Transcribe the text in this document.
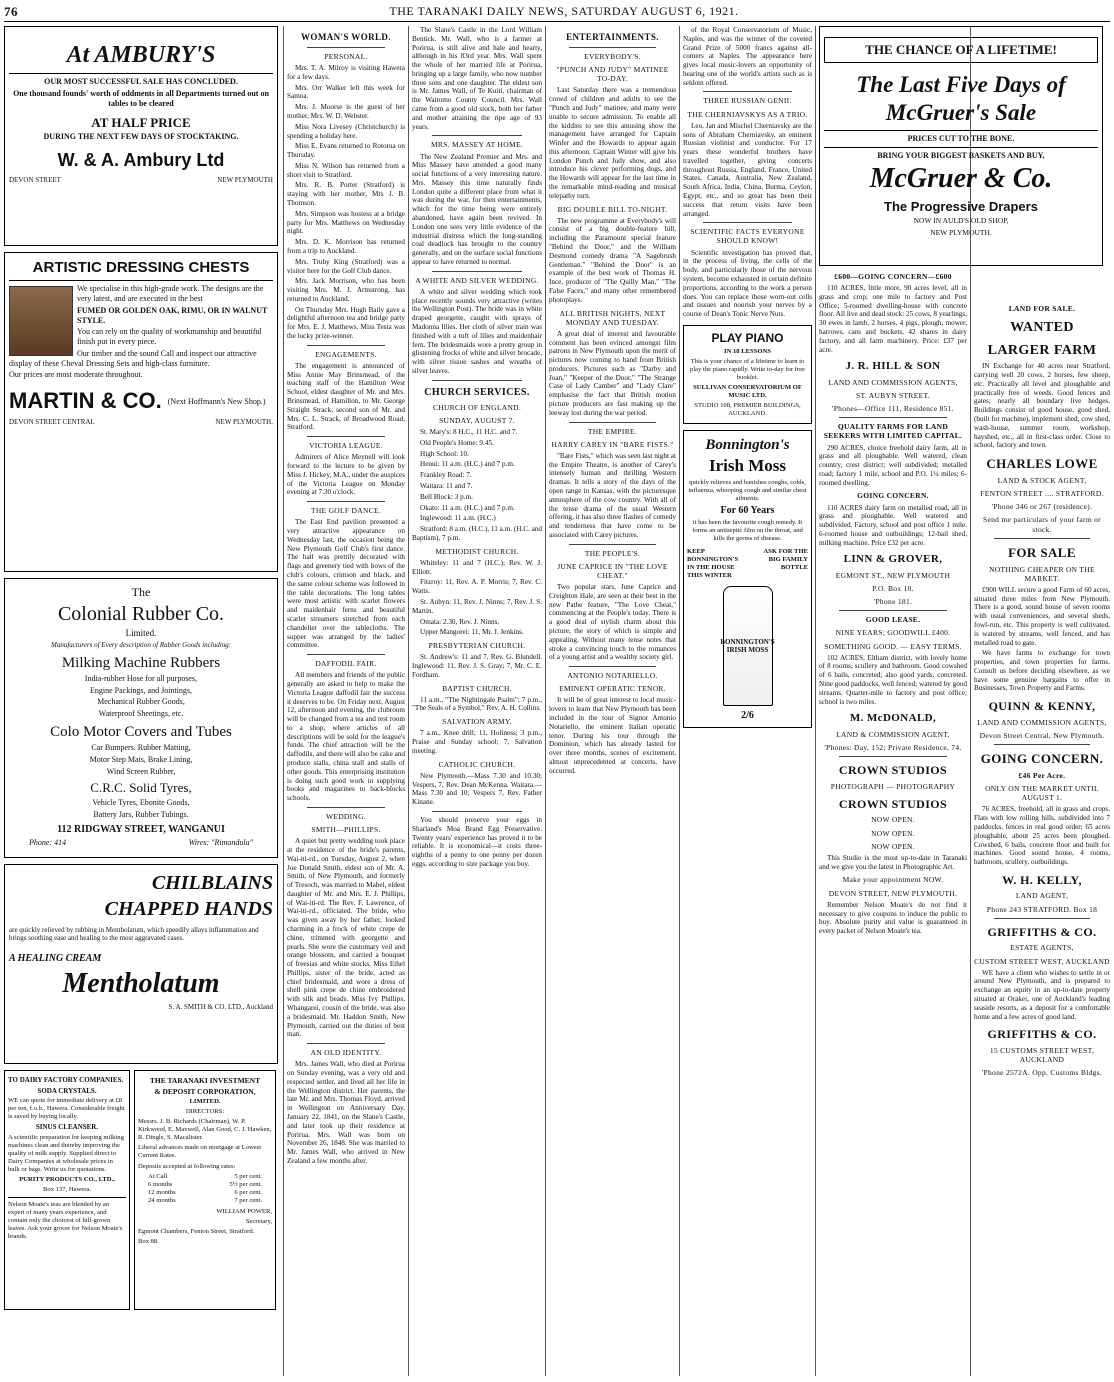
76	THE TARANAKI DAILY NEWS, SATURDAY AUGUST 6, 1921.

At AMBURY'S

OUR MOST SUCCESSFUL SALE HAS CONCLUDED.

One thousand founds' worth of oddments in all Departments turned out on tables to be cleared

AT HALF PRICE

DURING THE NEXT FEW DAYS OF STOCKTAKING.

W. & A. Ambury Ltd

DEVON STREET	NEW PLYMOUTH

ARTISTIC DRESSING CHESTS

We specialise in this high-grade work. The designs are the very latest, and are executed in the best

FUMED OR GOLDEN OAK, RIMU, OR IN WALNUT STYLE.

You can rely on the quality of workmanship and beautiful finish put in every piece.

Our timber and the sound Call and inspect our attractive display of these Cheval Dressing Sets and high-class furniture.

Our prices are most moderate throughout.

MARTIN & CO. (Next Hoffmann's New Shop.)
DEVON STREET CENTRAL	NEW PLYMOUTH.

The

Colonial Rubber Co.

Limited.

Manufacturers of Every description of Rubber Goods including:

Milking Machine Rubbers

India-rubber Hose for all purposes,

Engine Packings, and Jointings,

Mechanical Rubber Goods,

Waterproof Sheetings, etc.

Colo Motor Covers and Tubes

Car Bumpers. Rubber Matting,

Motor Step Mats, Brake Lining,

Wind Screen Rubber,

C.R.C. Solid Tyres,

Vehicle Tyres, Ebonite Goods,

Battery Jars, Rubber Tubings.

112 RIDGWAY STREET, WANGANUI

Phone: 414	Wires: "Rimondula"

CHILBLAINS

CHAPPED HANDS

are quickly relieved by rubbing in Mentholatum, which speedily allays inflammation and brings soothing ease and healing to the most aggravated cases.

A HEALING CREAM

Mentholatum

S. A. SMITH & CO. LTD., Auckland

TO DAIRY FACTORY COMPANIES.

SODA CRYSTALS.

WE can quote for immediate delivery at £8 per ton, f.o.b., Hawera. Considerable freight is saved by buying locally.

SINUS CLEANSER.

A scientific preparation for keeping milking machines clean and thereby improving the quality of milk supply. Supplied direct to Dairy Companies at wholesale prices in bulk or bags. Write us for quotations.

PURITY PRODUCTS CO., LTD.,

Box 137, Hawera.

Nelson Moate's teas are blended by an expert of many years experience, and contain only the choicest of hill-grown leaves. Ask your grocer for Nelson Moate's brands.

THE TARANAKI INVESTMENT

& DEPOSIT CORPORATION,

LIMITED.

DIRECTORS:

Messrs. J. B. Richards (Chairman), W. P. Kirkwood, E. Maxwell, Alan Good, C. J. Hawken, R. Dingle, S. Macalister.

Liberal advances made on mortgage at Lowest Current Rates.

Deposits accepted at following rates:

At Call	5 per cent.
6 months	5½ per cent.
12 months	6 per cent.
24 months	7 per cent.

WILLIAM POWER,

Secretary,

Egmont Chambers, Fenton Street, Stratford.

Box 88.

WOMAN'S WORLD.

PERSONAL.

Mrs. T. A. Milroy is visiting Hawera for a few days.

Mrs. Orr Walker left this week for Samoa.

Mrs. J. Moorse is the guest of her mother, Mrs. W. D. Webster.

Miss Nora Livesey (Christchurch) is spending a holiday here.

Miss E. Evans returned to Rotorua on Thursday.

Miss N. Wilson has returned from a short visit to Stratford.

Mrs. R. B. Porter (Stratford) is staying with her mother, Mrs J. B. Thomson.

Mrs. Simpson was hostess at a bridge party for Mrs. Matthews on Wednesday night.

Mrs. D. K. Morrison has returned from a trip to Auckland.

Mrs. Truby King (Stratford) was a visitor here for the Golf Club dance.

Mrs. Jack Morrison, who has been visiting Mrs. M. J. Armstrong, has returned to Auckland.

On Thursday Mrs. Hugh Baily gave a delightful afternoon tea and bridge party for Mrs. E. J. Matthews. Miss Testa was the lucky prize-winner.

ENGAGEMENTS.

The engagement is announced of Miss Annie May Brinsmead, of the teaching staff of the Hamilton West School, eldest daughter of Mr. and Mrs. Brinsmead, of Hamilton, to Mr. George Straight Strack, second son of Mr. and Mrs. C. L. Strack, of Broadwood Road, Stratford.

VICTORIA LEAGUE.

Admirers of Alice Meynell will look forward to the lecture to be given by Miss J. Hickey, M.A., under the auspices of the Victoria League on Monday evening at 7.30 o'clock.

THE GOLF DANCE.

The East End pavilion presented a very attractive appearance on Wednesday last, the occasion being the New Plymouth Golf Club's first dance. The hall was prettily decorated with flags and greenery tied with bows of the club's colours, crimson and black, and the same colour scheme was followed in the table decorations. The long tables were most artistic with scarlet flowers and maidenhair ferns and beautiful scarlet streamers stretched from each chandelier over the tablecloths. The supper was arranged by the ladies' committee.

DAFFODIL FAIR.

All members and friends of the public generally are asked to help to make the Victoria League daffodil fair the success it deserves to be. On Friday next, August 12, afternoon and evening, the clubroom will be changed from a tea and rest room to a shop, where articles of all descriptions will be sold for the league's funds. The chief attraction will be the daffodils, and there will also be cake and produce stalls, china stall and stalls of other goods. This enterprising institution is doing such good work in supplying books and magazines to back-blocks schools.

WEDDING.

SMITH—PHILLIPS.

A quiet but pretty wedding took place at the residence of the bride's parents, Wai-iti-rd., on Tuesday, August 2, when Joe Donald Smith, eldest son of Mr. A. Smith, of New Plymouth, and formerly of Tresoch, was married to Mabel, eldest daughter of Mr. and Mrs. E. J. Phillips, of Wai-iti-rd. The Rev. F. Lawrence, of Wai-iti-rd., officiated. The bride, who was given away by her father, looked charming in a frock of white crepe de chine, trimmed with georgette and pearls. She wore the customary veil and orange blossom, and carried a bouquet of freesias and white stocks. Miss Ethel Phillips, sister of the bride, acted as chief bridesmaid, and wore a dress of shell pink crepe de chine embroidered with silk and beads. Miss Ivy Phillips, Whangarei, cousin of the bride, was also a bridesmaid. Mr. Haddon Smith, New Plymouth, carried out the duties of best man.

AN OLD IDENTITY.

Mrs. James Wall, who died at Porirua on Sunday evening, was a very old and respected settler, and lived all her life in the Wellington district. Her parents, the late Mr. and Mrs. Thomas Floyd, arrived in Wellington on Anniversary Day, January 22, 1841, on the Slane's Castle, and later took up their residence at Porirua. Mrs. Wall was born on November 26, 1848. She was married to Mr. James Wall, who arrived in New Zealand a few months after.

The Slane's Castle in the Lord William Bentick. Mr. Wall, who is a farmer at Porirua, is still alive and hale and hearty, although in his 83rd year. Mrs. Wall spent the whole of her married life at Porirua, bringing up a large family, who now number three sons and one daughter. The eldest son is Mr. James Wall, of Te Kuiti, chairman of the Waitomo County Council. Mrs. Wall came from a good old stock, both her father and mother attaining the ripe age of 93 years.

MRS. MASSEY AT HOME.

The New Zealand Premier and Mrs. and Miss Massey have attended a good many social functions of a very interesting nature. Mrs. Massey this time naturally finds London quite a different place from what it was during the war, for then entertainments, which for the time being were entirely abandoned, have again been revived. In London one sees very little evidence of the industrial distress which the long-standing coal deadlock has brought to the country generally, and on the surface social functions appear to have returned to normal.

A WHITE AND SILVER WEDDING.

A white and silver wedding which took place recently sounds very attractive (writes the Wellington Post). The bride was in white draped georgette, caught with sprays of Madonna lilies. Her cloth of silver train was finished with a tuft of lilies and maidenhair fern. The bridesmaids wore a pretty group in glistening frocks of white and silver brocade, with silver tissue sashes and wreaths of silver leaves.

CHURCH SERVICES.

CHURCH OF ENGLAND.

SUNDAY, AUGUST 7.

St. Mary's: 8 H.C., 11 H.C. and 7.

Old People's Home: 9.45.

High School: 10.

Henui: 11 a.m. (H.C.) and 7 p.m.

Frankley Road: 7.

Waitara: 11 and 7.

Bell Block: 3 p.m.

Okato: 11 a.m. (H.C.) and 7 p.m.

Inglewood: 11 a.m. (H.C.)

Stratford: 8 a.m. (H.C.), 11 a.m. (H.C. and Baptism), 7 p.m.

METHODIST CHURCH.

Whiteley: 11 and 7 (H.C.); Rev. W. J. Elliott.

Fitzroy: 11, Rev. A. P. Morris; 7, Rev. C. Watts.

St. Aubyn: 11, Rev. J. Ninns; 7, Rev. J. S. Martin.

Omata: 2.30, Rev. J. Ninns.

Upper Mangorei: 11, Mr. J. Jenkins.

PRESBYTERIAN CHURCH.

St. Andrew's: 11 and 7, Rev. G. Blundell. Inglewood: 11, Rev. J. S. Gray; 7, Mr. C. E. Fordham.

BAPTIST CHURCH.

11 a.m., "The Nightingale Psalm"; 7 p.m., "The Seals of a Symbol," Rev. A. H. Collins.

SALVATION ARMY.

7 a.m., Knee drill; 11, Holiness; 3 p.m., Praise and Sunday school; 7, Salvation meeting.

CATHOLIC CHURCH.

New Plymouth.—Mass 7.30 and 10.30; Vespers, 7, Rev. Dean McKenna. Waitara.—Mass 7.30 and 10; Vespers 7, Rev. Father Kinane.

You should preserve your eggs in Sharland's Moa Brand Egg Preservative. Twenty years' experience has proved it to be reliable. It is economical—it costs three-eighths of a penny to one penny per dozen eggs, according to size package you buy.

ENTERTAINMENTS.

EVERYBODY'S.

"PUNCH AND JUDY" MATINEE TO-DAY.

Last Saturday there was a tremendous crowd of children and adults to see the "Punch and Judy" matinee, and many were unable to secure admission. To enable all the kiddies to see this amusing show the management have arranged for Captain Winfer and the Howards to appear again this afternoon. Captain Winter will give his London Punch and Judy show, and also introduce his clever performing dogs, and the Howards will appear for the last time in the remarkable mind-reading and musical telepathy turn.

BIG DOUBLE BILL TO-NIGHT.

The new programme at Everybody's will consist of a big double-feature bill, including the Paramount special feature "Behind the Door," and the William Desmond comedy drama "A Sagebrush Gentleman." "Behind the Door" is an example of the best work of Thomas H. Ince, producer of "The Quilly Man," "The False Faces," and many other remembered photoplays.

ALL BRITISH NIGHTS, NEXT MONDAY AND TUESDAY.

A great deal of interest and favourable comment has been evinced amongst film patrons in New Plymouth upon the merit of pictures now coming to hand from British producers. Pictures such as "Darby and Joan," "Keeper of the Door," "The Strange Case of Lady Camber" and "Lady Clare" emphasise the fact that British motion picture producers are fast making up the leeway lost during the war period.

THE EMPIRE.

HARRY CAREY IN "BARE FISTS."

"Bare Fists," which was seen last night at the Empire Theatre, is another of Carey's intensely human and thrilling Western dramas. It tells a story of the days of the open range in Kansas, with the picturesque atmosphere of the cow country. With all of the tense drama of the usual Western offering, it has also three flashes of comedy and tenderness that have come to be associated with Carey pictures.

THE PEOPLE'S.

JUNE CAPRICE IN "THE LOVE CHEAT."

Two popular stars, June Caprice and Creighton Hale, are seen at their best in the new Pathe feature, "The Love Cheat," commencing at the People's today. There is a good deal of stylish charm about this picture, the story of which is simple and appealing. Without many tense notes that stroke a convincing touch to the romances of a young artist and a wealthy society girl.

ANTONIO NOTARIELLO.

EMINENT OPERATIC TENOR.

It will be of great interest to local music-lovers to learn that New Plymouth has been included in the tour of Signor Antonio Notariello, the eminent Italian operatic tenor. During his tour through the Dominion, which has already lasted for over three months, scenes of excitement, almost unprecedented at concerts, have occurred.

of the Royal Conservatorium of Music, Naples, and was the winner of the coveted Grand Prize of 5000 francs against all-comers at Naples. The appearance here gives local music-lovers an opportunity of hearing one of the world's artists such as is seldom offered.

THREE RUSSIAN GENII.

THE CHERNIAVSKYS AS A TRIO.

Leo, Jan and Mischel Cherniavsky are the sons of Abraham Cherniavsky, an eminent Russian violinist and conductor. For 17 years these wonderful brothers have travelled together, giving concerts throughout Russia, England, France, United States, Canada, Australia, New Zealand, South Africa, India, China, Burma, Ceylon, Egypt, etc., and so great has been their success that return visits have been arranged.

SCIENTIFIC FACTS EVERYONE SHOULD KNOW!

Scientific investigation has proved that, in the process of living, the cells of the body, and particularly those of the nervous system, become exhausted in certain definite proportions, according to the work a person does. You can replace those worn-out cells and tissues and nourish your nerves by a course of Dean's Tonic Nerve Nuts.

PLAY PIANO

IN 18 LESSONS

This is your chance of a lifetime to learn to play the piano rapidly. Write to-day for free booklet.

SULLIVAN CONSERVATORIUM OF MUSIC LTD.

STUDIO 108, PREMIER BUILDINGS, AUCKLAND.

Bonnington's

Irish Moss

quickly relieves and banishes coughs, colds, influenza, whooping cough and similar chest ailments.

For 60 Years

it has been the favourite cough remedy. It forms an antiseptic film on the throat, and kills the germs of disease.

KEEP BONNINGTON'S IN THE HOUSE THIS WINTER

ASK FOR THE BIG FAMILY BOTTLE

BONNINGTON'S IRISH MOSS

2/6

THE CHANCE OF A LIFETIME!

The Last Five Days of McGruer's Sale

PRICES CUT TO THE BONE.

BRING YOUR BIGGEST BASKETS AND BUY,

McGruer & Co.

The Progressive Drapers

NOW IN AULD'S OLD SHOP,

NEW PLYMOUTH.

£600—GOING CONCERN—£600

110 ACRES, little more, 90 acres level, all in grass and crop; one mile to factory and Post Office; 5-roomed dwelling-house with concrete floor. All live and dead stock: 25 cows, 8 yearlings, 30 ewes in lamb, 2 horses, 4 pigs, plough, mower, harrows, cans and buckets, 42 shares in dairy factory, and all farm machinery. Price: £37 per acre.

J. R. HILL & SON

LAND AND COMMISSION AGENTS,

ST. AUBYN STREET.

'Phones—Office 111, Residence 851.

QUALITY FARMS FOR LAND SEEKERS WITH LIMITED CAPITAL.

290 ACRES, choice freehold dairy farm, all in grass and all ploughable. Well watered, clean country, crest district; well subdivided; metalled road; factory 1 mile, school and P.O. 1¼ miles; 6-roomed dwelling.

GOING CONCERN.

110 ACRES dairy farm on metalled road, all in grass and ploughable. Well watered and subdivided. Factory, school and post office 1 mile. 6-roomed house and outbuildings; 12-bail shed, milking machine. Price £32 per acre.

LINN & GROVER,

EGMONT ST., NEW PLYMOUTH

P.O. Box 10.

'Phone 181.

GOOD LEASE.

NINE YEARS; GOODWILL £400.

SOMETHING GOOD. — EASY TERMS.

102 ACRES, Eltham district, with lovely home of 8 rooms, scullery and bathroom. Good cowshed of 6 bails, concreted; also good yards, concreted. Nine good paddocks, well fenced; watered by good streams. Quarter-mile to factory and post office; school is two miles.

M. McDONALD,

LAND & COMMISSION AGENT,

'Phones: Day, 152; Private Residence, 74.

CROWN STUDIOS

PHOTOGRAPH — PHOTOGRAPHY

CROWN STUDIOS

NOW OPEN.

NOW OPEN.

NOW OPEN.

This Studio is the most up-to-date in Taranaki and we give you the latest in Photographic Art.

Make your appointment NOW.

DEVON STREET, NEW PLYMOUTH.

Remember Nelson Moate's do not find it necessary to give coupons to induce the public to buy. Absolute purity and value is guaranteed in every packet of Nelson Moate's tea.

LAND FOR SALE.

WANTED

LARGER FARM

IN Exchange for 40 acres near Stratford, carrying well 20 cows, 2 horses, few sheep, etc. Practically all level and ploughable and practically free of weeds. Good fences and gates; nearly all boundary live hedges. Buildings consist of good house, good shed, (built for machine), implement shed, cow shed, wash-house, summer room, workshop, hayshed, etc., all in first-class order. Close to school, factory and town.

CHARLES LOWE

LAND & STOCK AGENT,

FENTON STREET .... STRATFORD.

'Phone 346 or 267 (residence).

Send me particulars of your farm or stock.

FOR SALE

NOTHING CHEAPER ON THE MARKET.

£900 WILL secure a good Farm of 60 acres, situated three miles from New Plymouth. There is a good, sound house of seven rooms with usual conveniences, and several sheds, fowl-run, etc. This property is well cultivated, is watered by streams, well fenced, and has metalled road to gate.

We have farms to exchange for town properties, and town properties for farms. Consult us before deciding elsewhere, as we have some genuine bargains to offer in Businesses, Town Property and Farms.

QUINN & KENNY,

LAND AND COMMISSION AGENTS,

Devon Street Central, New Plymouth.

GOING CONCERN.

£46 Per Acre.

ONLY ON THE MARKET UNTIL AUGUST 1.

76 ACRES, freehold, all in grass and crops. Flats with low rolling hills, subdivided into 7 paddocks, fences in real good order; 65 acres ploughable, about 25 acres been ploughed. Cowshed, 6 bails, concrete floor and built for machines. Good sound house, 4 rooms, bathroom, scullery, outbuildings.

W. H. KELLY,

LAND AGENT,

Phone 243 STRATFORD. Box 18

GRIFFITHS & CO.

ESTATE AGENTS,

CUSTOM STREET WEST, AUCKLAND

WE have a client who wishes to settle in or around New Plymouth, and is prepared to exchange an equity in an up-to-date property situated at Orakei, one of Auckland's leading seaside resorts, as a deposit for a comfortable home and a few acres of good land.

GRIFFITHS & CO.

15 CUSTOMS STREET WEST, AUCKLAND

'Phone 2572A. Opp. Customs Bldgs.
